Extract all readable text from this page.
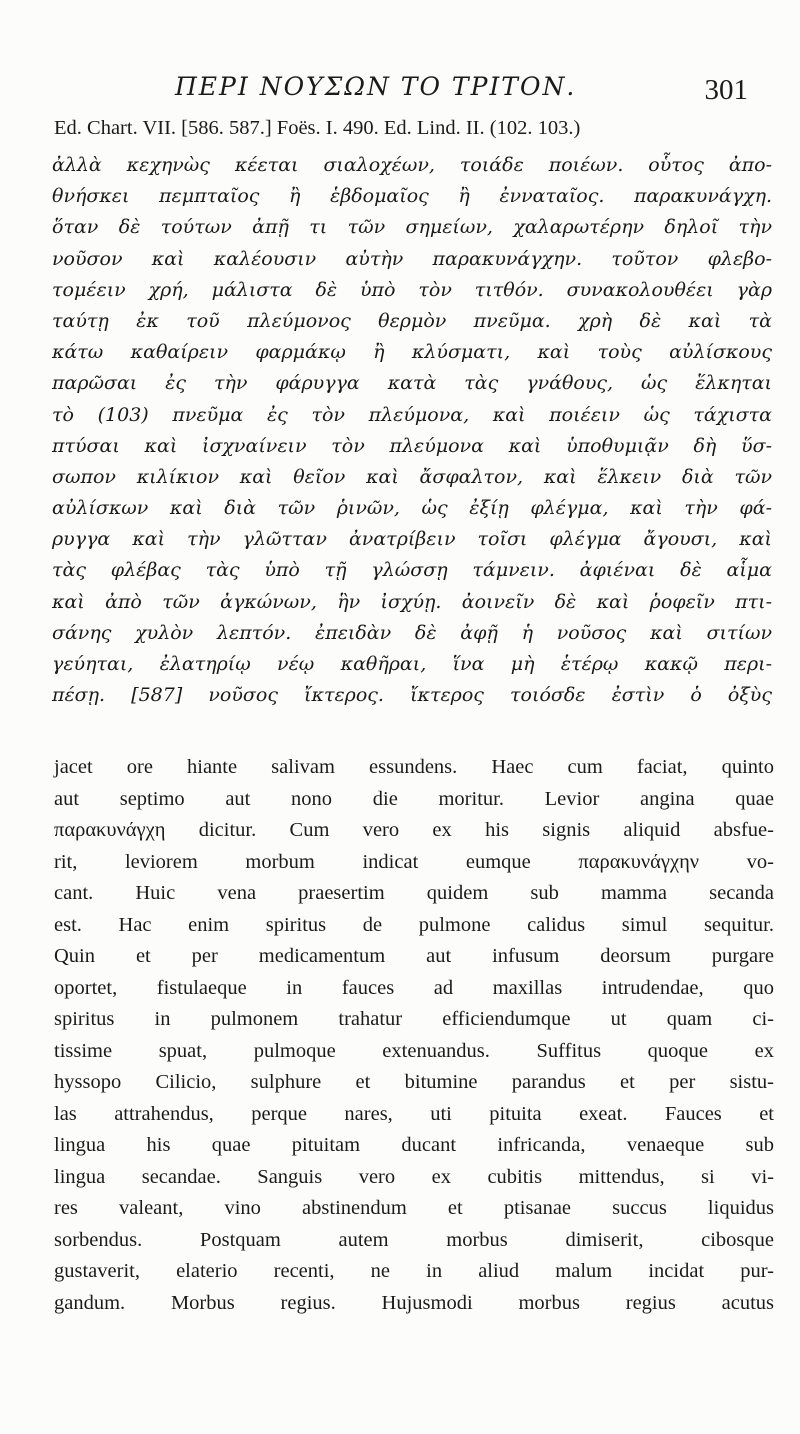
ΠΕΡΙ ΝΟΥΣΩΝ ΤΟ ΤΡΙΤΟΝ.	301
Ed. Chart. VII. [586. 587.] Foës. I. 490. Ed. Lind. II. (102. 103.)
ἀλλὰ κεχηνὼς κέεται σιαλοχέων, τοιάδε ποιέων. οὗτος ἀπο-
θνήσκει πεμπταῖος ἢ ἑβδομαῖος ἢ ἐνναταῖος. παρακυνάγχη.
ὅταν δὲ τούτων ἀπῇ τι τῶν σημείων, χαλαρωτέρην δηλοῖ τὴν
νοῦσον καὶ καλέουσιν αὐτὴν παρακυνάγχην. τοῦτον φλεβο-
τομέειν χρή, μάλιστα δὲ ὑπὸ τὸν τιτθόν. συνακολουθέει γὰρ
ταύτῃ ἐκ τοῦ πλεύμονος θερμὸν πνεῦμα. χρὴ δὲ καὶ τὰ
κάτω καθαίρειν φαρμάκῳ ἢ κλύσματι, καὶ τοὺς αὐλίσκους
παρῶσαι ἐς τὴν φάρυγγα κατὰ τὰς γνάθους, ὡς ἕλκηται
τὸ (103) πνεῦμα ἐς τὸν πλεύμονα, καὶ ποιέειν ὡς τάχιστα
πτύσαι καὶ ἰσχναίνειν τὸν πλεύμονα καὶ ὑποθυμιᾷν δὴ ὕσ-
σωπον κιλίκιον καὶ θεῖον καὶ ἄσφαλτον, καὶ ἕλκειν διὰ τῶν
αὐλίσκων καὶ διὰ τῶν ῥινῶν, ὡς ἐξίῃ φλέγμα, καὶ τὴν φά-
ρυγγα καὶ τὴν γλῶτταν ἀνατρίβειν τοῖσι φλέγμα ἄγουσι, καὶ
τὰς φλέβας τὰς ὑπὸ τῇ γλώσσῃ τάμνειν. ἀφιέναι δὲ αἷμα
καὶ ἀπὸ τῶν ἀγκώνων, ἣν ἰσχύῃ. ἀοινεῖν δὲ καὶ ῥοφεῖν πτι-
σάνης χυλὸν λεπτόν. ἐπειδὰν δὲ ἀφῇ ἡ νοῦσος καὶ σιτίων
γεύηται, ἐλατηρίῳ νέῳ καθῆραι, ἵνα μὴ ἑτέρῳ κακῷ περι-
πέσῃ. [587] νοῦσος ἴκτερος. ἴκτερος τοιόσδε ἐστὶν ὁ ὀξὺς
jacet ore hiante salivam essundens. Haec cum faciat, quinto
aut septimo aut nono die moritur. Levior angina quae
παρακυνάγχη dicitur. Cum vero ex his signis aliquid absfue-
rit, leviorem morbum indicat eumque παρακυνάγχην vo-
cant. Huic vena praesertim quidem sub mamma secanda
est. Hac enim spiritus de pulmone calidus simul sequitur.
Quin et per medicamentum aut infusum deorsum purgare
oportet, fistulaeque in fauces ad maxillas intrudendae, quo
spiritus in pulmonem trahatur efficiendumque ut quam ci-
tissime spuat, pulmoque extenuandus. Suffitus quoque ex
hyssopo Cilicio, sulphure et bitumine parandus et per sistu-
las attrahendus, perque nares, uti pituita exeat. Fauces et
lingua his quae pituitam ducant infricanda, venaeque sub
lingua secandae. Sanguis vero ex cubitis mittendus, si vi-
res valeant, vino abstinendum et ptisanae succus liquidus
sorbendus. Postquam autem morbus dimiserit, cibosque
gustaverit, elaterio recenti, ne in aliud malum incidat pur-
gandum. Morbus regius. Hujusmodi morbus regius acutus
